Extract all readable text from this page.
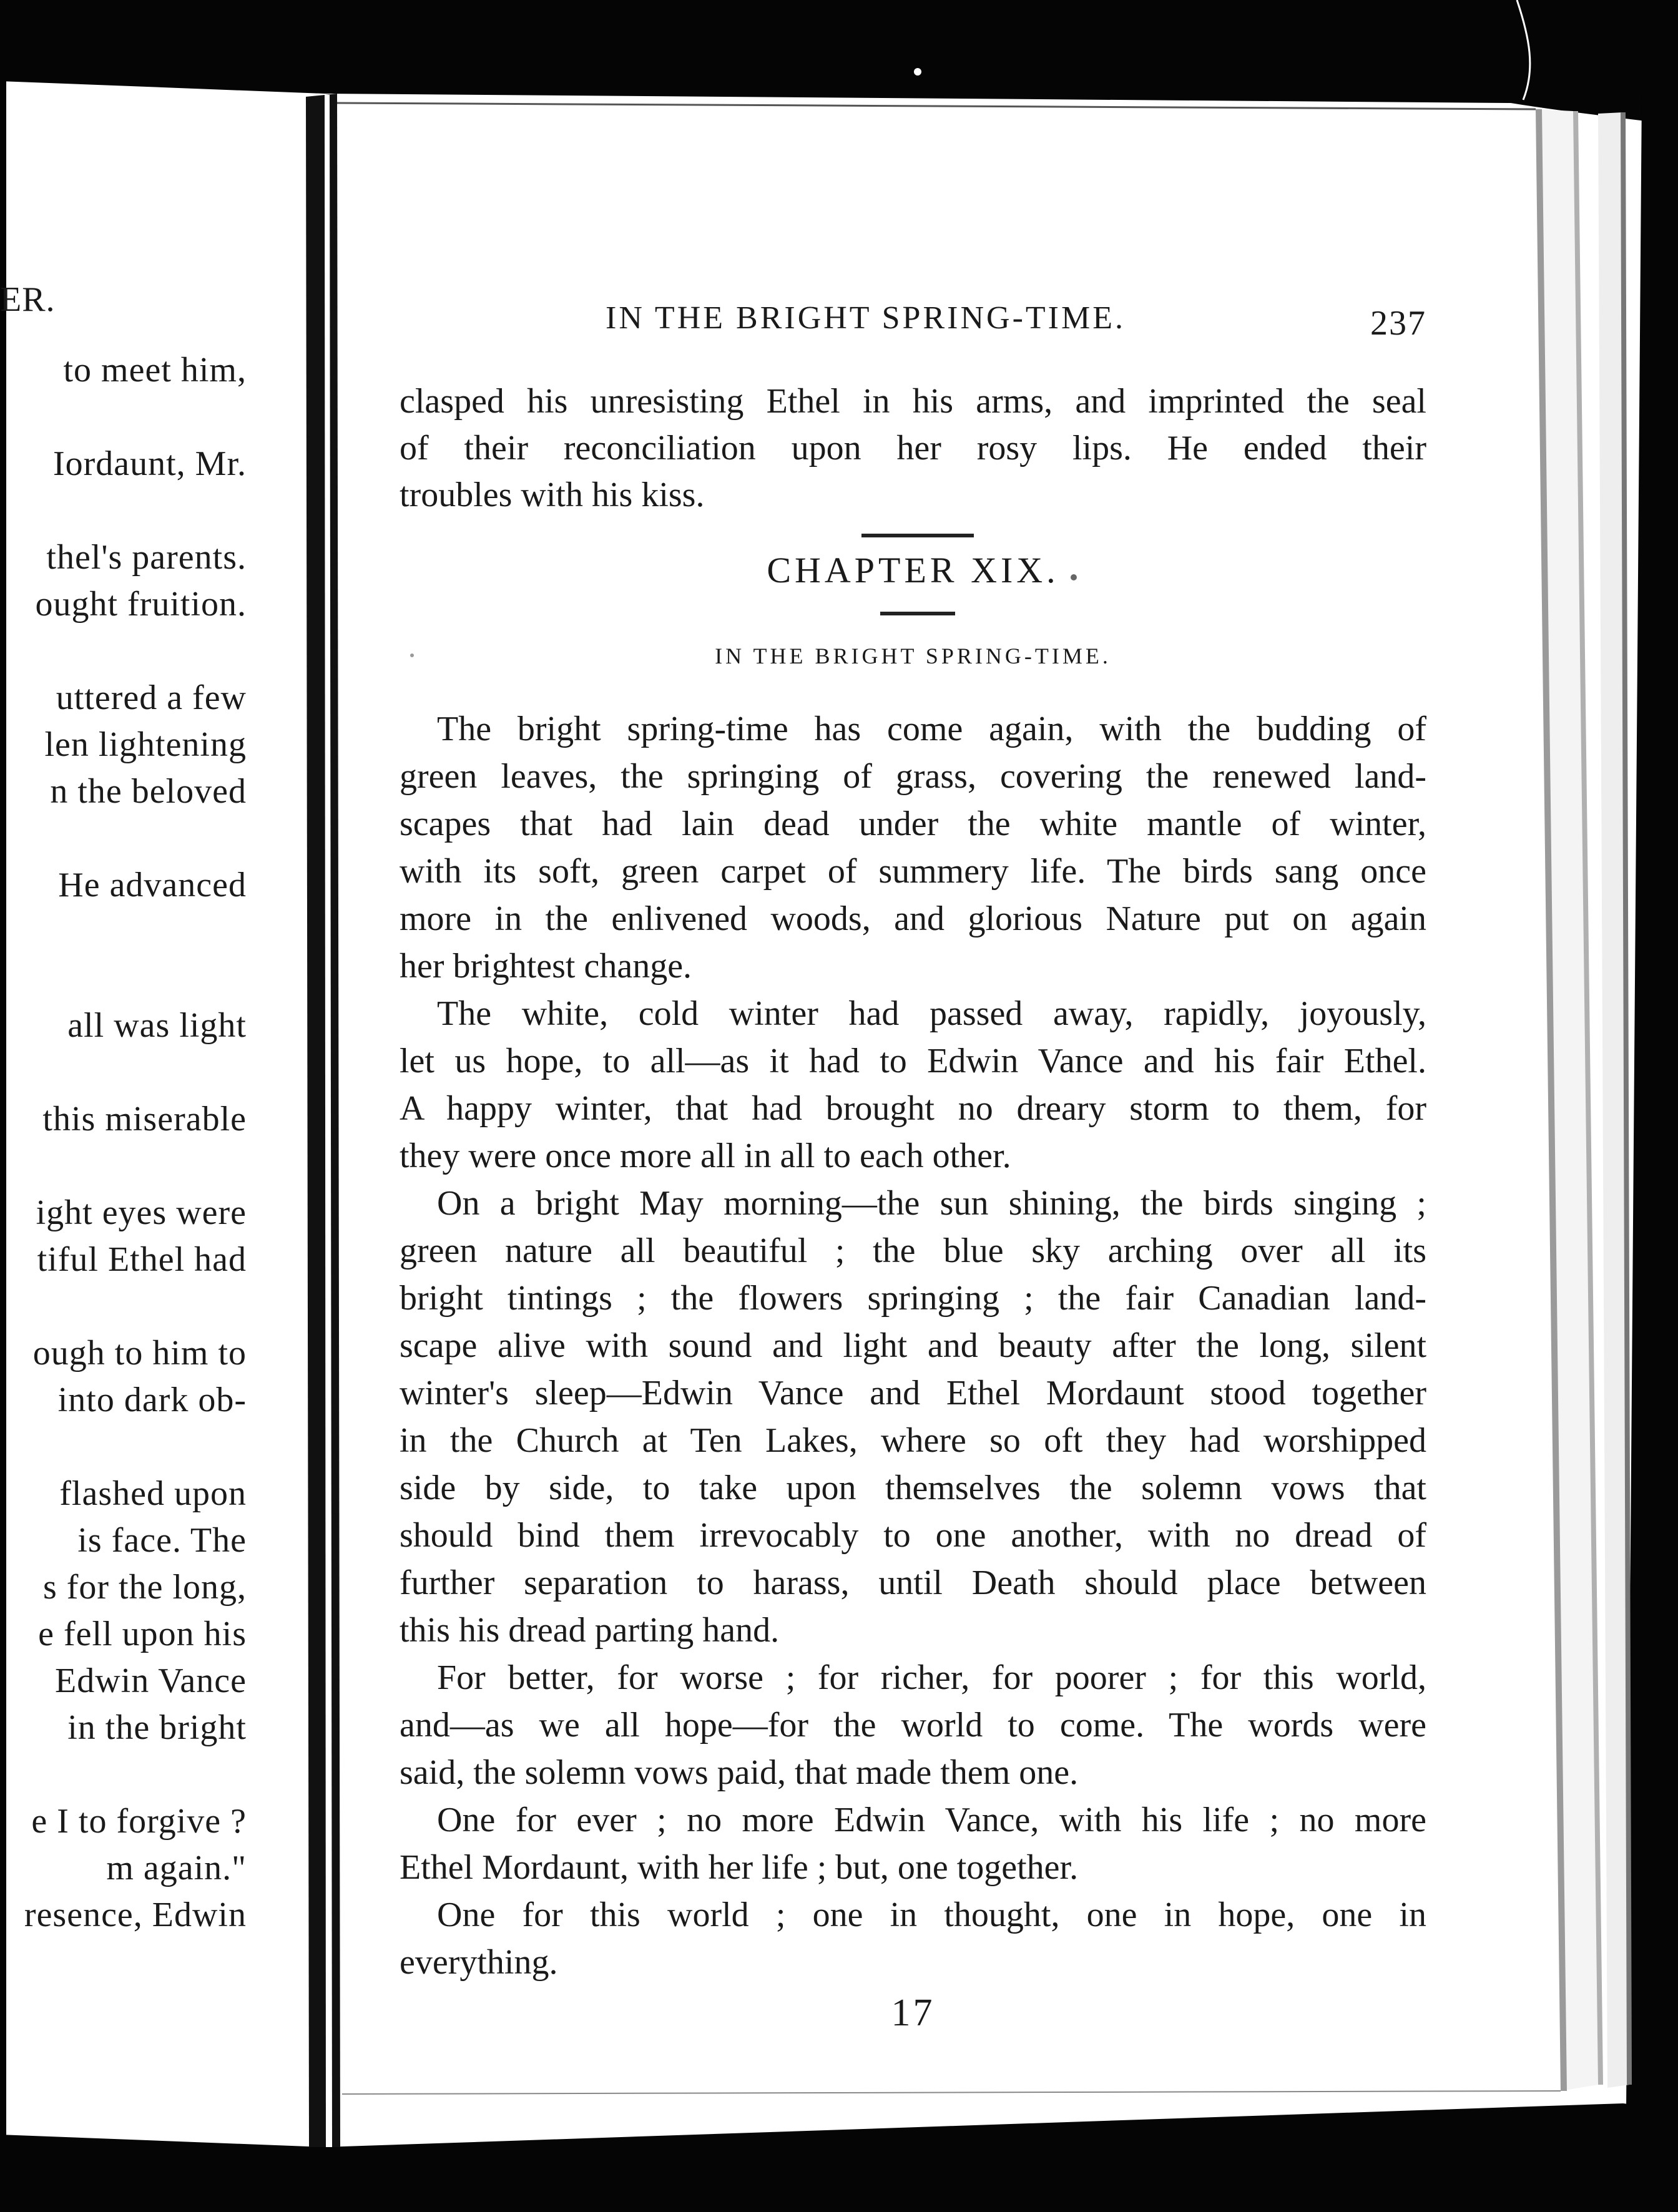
ER.
to meet him,
Iordaunt, Mr.
thel's parents.
ought fruition.
uttered a few
len lightening
n the beloved
He advanced
all was light
this miserable
ight eyes were
tiful Ethel had
ough to him to
into dark ob-
flashed upon
is face. The
s for the long,
e fell upon his
Edwin Vance
in the bright
e I to forgive ?
m again."
resence, Edwin
IN THE BRIGHT SPRING-TIME.	237
clasped his unresisting Ethel in his arms, and imprinted the seal
of their reconciliation upon her rosy lips. He ended their
troubles with his kiss.
CHAPTER XIX.
IN THE BRIGHT SPRING-TIME.
The bright spring-time has come again, with the budding of
green leaves, the springing of grass, covering the renewed land-
scapes that had lain dead under the white mantle of winter,
with its soft, green carpet of summery life. The birds sang once
more in the enlivened woods, and glorious Nature put on again
her brightest change.
The white, cold winter had passed away, rapidly, joyously,
let us hope, to all—as it had to Edwin Vance and his fair Ethel.
A happy winter, that had brought no dreary storm to them, for
they were once more all in all to each other.
On a bright May morning—the sun shining, the birds singing ;
green nature all beautiful ; the blue sky arching over all its
bright tintings ; the flowers springing ; the fair Canadian land-
scape alive with sound and light and beauty after the long, silent
winter's sleep—Edwin Vance and Ethel Mordaunt stood together
in the Church at Ten Lakes, where so oft they had worshipped
side by side, to take upon themselves the solemn vows that
should bind them irrevocably to one another, with no dread of
further separation to harass, until Death should place between
this his dread parting hand.
For better, for worse ; for richer, for poorer ; for this world,
and—as we all hope—for the world to come. The words were
said, the solemn vows paid, that made them one.
One for ever ; no more Edwin Vance, with his life ; no more
Ethel Mordaunt, with her life ; but, one together.
One for this world ; one in thought, one in hope, one in
everything.
17
